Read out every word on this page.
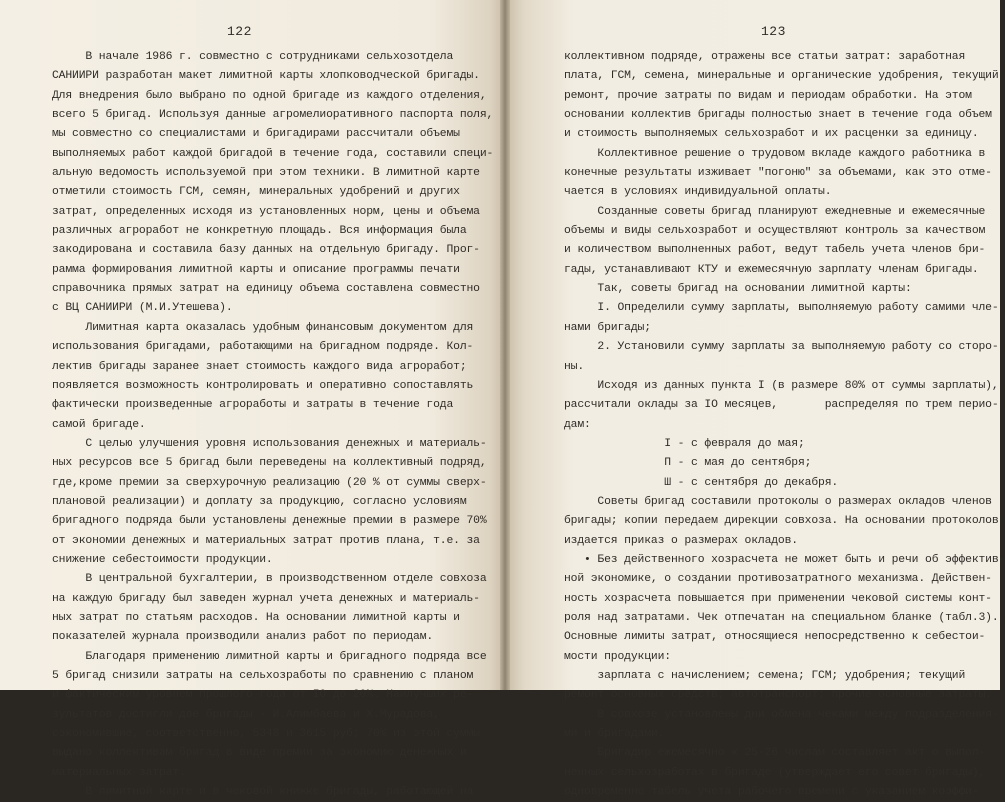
122
В начале 1986 г. совместно с сотрудниками сельхозотдела
САНИИРИ разработан макет лимитной карты хлопководческой бригады.
Для внедрения было выбрано по одной бригаде из каждого отделения,
всего 5 бригад. Используя данные агромелиоративного паспорта поля,
мы совместно со специалистами и бригадирами рассчитали объемы
выполняемых работ каждой бригадой в течение года, составили специ-
альную ведомость используемой при этом техники. В лимитной карте
отметили стоимость ГСМ, семян, минеральных удобрений и других
затрат, определенных исходя из установленных норм, цены и объема
различных агроработ не конкретную площадь. Вся информация была
закодирована и составила базу данных на отдельную бригаду. Прог-
рамма формирования лимитной карты и описание программы печати
справочника прямых затрат на единицу объема составлена совместно
с ВЦ САНИИРИ (М.И.Утешева).
Лимитная карта оказалась удобным финансовым документом для
использования бригадами, работающими на бригадном подряде. Кол-
лектив бригады заранее знает стоимость каждого вида агроработ;
появляется возможность контролировать и оперативно сопоставлять
фактически произведенные агроработы и затраты в течение года
самой бригаде.
С целью улучшения уровня использования денежных и материаль-
ных ресурсов все 5 бригад были переведены на коллективный подряд,
где,кроме премии за сверхурочную реализацию (20 % от суммы сверх-
плановой реализации) и доплату за продукцию, согласно условиям
бригадного подряда были установлены денежные премии в размере 70%
от экономии денежных и материальных затрат против плана, т.е. за
снижение себестоимости продукции.
В центральной бухгалтерии, в производственном отделе совхоза
на каждую бригаду был заведен журнал учета денежных и материаль-
ных затрат по статьям расходов. На основании лимитной карты и
показателей журнала производили анализ работ по периодам.
Благодаря применению лимитной карты и бригадного подряда все
5 бригад снизили затраты на сельхозработы по сравнению с планом
и фактическим уровнем прошлого года от IO до 20%. Наилучших ре-
зультатов достигли две бригады - И.Алимбаева и Х.Мурадова,
сэкономившие, соответственно, 5348 и 3615 руб; 70% из этой суммы
выдано коллективам бригад в виде премии за экономию денежных и
материальных затрат.
В лимитной карте и в чековой книжке бригады, работающей на
123
коллективном подряде, отражены все статьи затрат: заработная
плата, ГСМ, семена, минеральные и органические удобрения, текущий
ремонт, прочие затраты по видам и периодам обработки. На этом
основании коллектив бригады полностью знает в течение года объем
и стоимость выполняемых сельхозработ и их расценки за единицу.
Коллективное решение о трудовом вкладе каждого работника в
конечные результаты изживает "погоню" за объемами, как это отме-
чается в условиях индивидуальной оплаты.
Созданные советы бригад планируют ежедневные и ежемесячные
объемы и виды сельхозработ и осуществляют контроль за качеством
и количеством выполненных работ, ведут табель учета членов бри-
гады, устанавливают КТУ и ежемесячную зарплату членам бригады.
Так, советы бригад на основании лимитной карты:
I. Определили сумму зарплаты, выполняемую работу самими чле-
нами бригады;
2. Установили сумму зарплаты за выполняемую работу со сторо-
ны.
Исходя из данных пункта I (в размере 80% от суммы зарплаты),
рассчитали оклады за IO месяцев,       распределяя по трем перио-
дам:
I - с февраля до мая;
П - с мая до сентября;
Ш - с сентября до декабря.
Советы бригад составили протоколы о размерах окладов членов
бригады; копии передаем дирекции совхоза. На основании протоколов
издается приказ о размерах окладов.
• Без действенного хозрасчета не может быть и речи об эффектив-
ной экономике, о создании противозатратного механизма. Действен-
ность хозрасчета повышается при применении чековой системы конт-
роля над затратами. Чек отпечатан на специальном бланке (табл.3).
Основные лимиты затрат, относящиеся непосредственно к себестои-
мости продукции:
зарплата с начислением; семена; ГСМ; удобрения; текущий
ремонт основных средств; автотранспорт; прочие основные затраты.
В совхозе установлены дни обмена чеками между подразделения-
ми и бригадами.
Бригадир ежемесячно к 25-26 числам составляет акт о выпол-
ненных сельхозработах в бригаде (утверждает его совет бригады),
одновременно табель учета рабочего времени с указанием коэффи-
